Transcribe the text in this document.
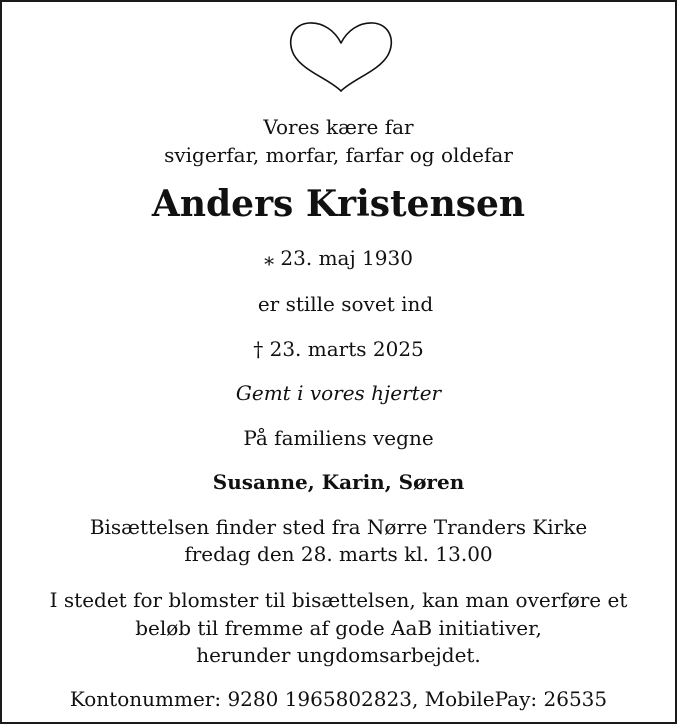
Vores kære far
svigerfar, morfar, farfar og oldefar
Anders Kristensen
⁎ 23. maj 1930
er stille sovet ind
† 23. marts 2025
Gemt i vores hjerter
På familiens vegne
Susanne, Karin, Søren
Bisættelsen finder sted fra Nørre Tranders Kirke
fredag den 28. marts kl. 13.00
I stedet for blomster til bisættelsen, kan man overføre et
beløb til fremme af gode AaB initiativer,
herunder ungdomsarbejdet.
Kontonummer: 9280 1965802823, MobilePay: 26535
